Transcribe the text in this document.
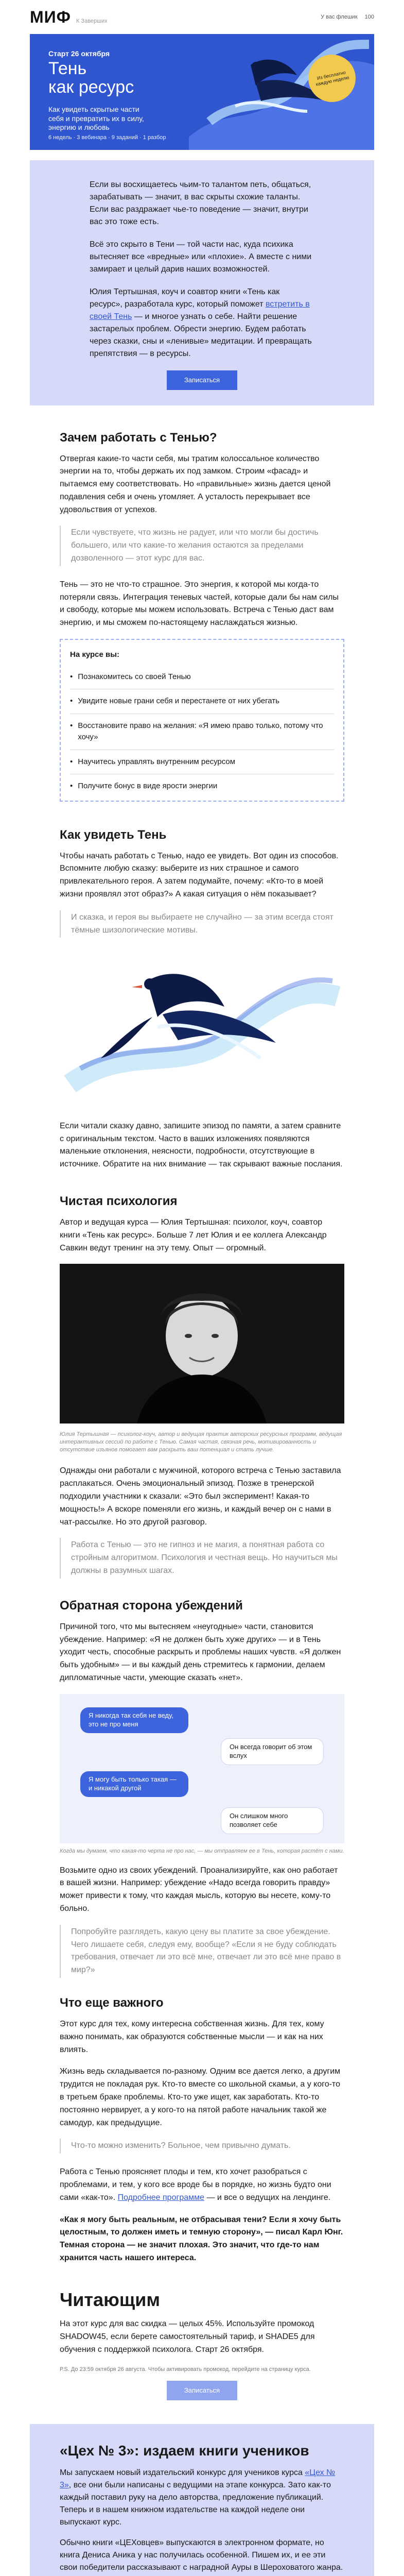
МИФ К Заверших
У вас флешик 100
Старт 26 октября
Тень
как ресурс
Как увидеть скрытые части себя и превратить их в силу, энергию и любовь
6 недель · 3 вебинара · 9 заданий · 1 разбор
Из бесплатно каждую неделю

Если вы восхищаетесь чьим-то талантом петь, общаться, зарабатывать — значит, в вас скрыты схожие таланты. Если вас раздражает чье-то поведение — значит, внутри вас это тоже есть.

Всё это скрыто в Тени — той части нас, куда психика вытесняет все «вредные» или «плохие». А вместе с ними замирает и целый дарив наших возможностей.

Юлия Тертышная, коуч и соавтор книги «Тень как ресурс», разработала курс, который поможет встретить в своей Тень — и многое узнать о себе. Найти решение застарелых проблем. Обрести энергию. Будем работать через сказки, сны и «ленивые» медитации. И превращать препятствия — в ресурсы.

Записаться
Зачем работать с Тенью?

Отвергая какие-то части себя, мы тратим колоссальное количество энергии на то, чтобы держать их под замком. Строим «фасад» и пытаемся ему соответствовать. Но «правильные» жизнь дается ценой подавления себя и очень утомляет. А усталость перекрывает все удовольствия от успехов.

Если чувствуете, что жизнь не радует, или что могли бы достичь большего, или что какие-то желания остаются за пределами дозволенного — этот курс для вас.

Тень — это не что-то страшное. Это энергия, к которой мы когда-то потеряли связь. Интеграция теневых частей, которые дали бы нам силы и свободу, которые мы можем использовать. Встреча с Тенью даст вам энергию, и мы сможем по-настоящему наслаждаться жизнью.

На курсе вы:
• Познакомитесь со своей Тенью
• Увидите новые грани себя и перестанете от них убегать
• Восстановите право на желания: «Я имею право только, потому что хочу»
• Научитесь управлять внутренним ресурсом
• Получите бонус в виде ярости энергии
Как увидеть Тень

Чтобы начать работать с Тенью, надо ее увидеть. Вот один из способов. Вспомните любую сказку: выберите из них страшное и самого привлекательного героя. А затем подумайте, почему: «Кто-то в моей жизни проявлял этот образ?» А какая ситуация о нём показывает?

И сказка, и героя вы выбираете не случайно — за этим всегда стоят тёмные шизологические мотивы.

Если читали сказку давно, запишите эпизод по памяти, а затем сравните с оригинальным текстом. Часто в ваших изложениях появляются маленькие отклонения, неясности, подробности, отсутствующие в источнике. Обратите на них внимание — так скрывают важные послания.

Чистая психология

Автор и ведущая курса — Юлия Тертышная: психолог, коуч, соавтор книги «Тень как ресурс». Больше 7 лет Юлия и ее коллега Александр Савкин ведут тренинг на эту тему. Опыт — огромный.

Юлия Тертышная — психолог-коуч, автор и ведущая практик авторских ресурсных программ, ведущая интерактивных сессий по работе с Тенью. Самая частая, связная речь, мотивированность и отсутствие изъянов помогает вам раскрыть ваш потенциал и стать лучше.

Однажды они работали с мужчиной, которого встреча с Тенью заставила расплакаться. Очень эмоциональный эпизод. Позже в тренерской подходили участники к сказали: «Это был эксперимент! Какая-то мощность!» А вскоре поменяли его жизнь, и каждый вечер он с нами в чат-рассылке. Но это другой разговор.

Работа с Тенью — это не гипноз и не магия, а понятная работа со стройным алгоритмом. Психология и честная вещь. Но научиться мы должны в разумных шагах.
Обратная сторона убеждений

Причиной того, что мы вытесняем «неугодные» части, становится убеждение. Например: «Я не должен быть хуже других» — и в Тень уходит честь, способные раскрыть и проблемы наших чувств. «Я должен быть удобным» — и вы каждый день стремитесь к гармонии, делаем дипломатичные части, умеющие сказать «нет».

Я никогда так себя не веду, это не про меня
Он всегда говорит об этом вслух
Я могу быть только такая — и никакой другой
Он слишком много позволяет себе
Когда мы думаем, что какая-то черта не про нас, — мы отправляем ее в Тень, которая растёт с нами.

Возьмите одно из своих убеждений. Проанализируйте, как оно работает в вашей жизни. Например: убеждение «Надо всегда говорить правду» может привести к тому, что каждая мысль, которую вы несете, кому-то больно.

Попробуйте разглядеть, какую цену вы платите за свое убеждение. Чего лишаете себя, следуя ему, вообще? «Если я не буду соблюдать требования, отвечает ли это всё мне, отвечает ли это всё мне право в мир?»
Что еще важного

Этот курс для тех, кому интересна собственная жизнь. Для тех, кому важно понимать, как образуются собственные мысли — и как на них влиять.

Жизнь ведь складывается по-разному. Одним все дается легко, а другим трудится не покладая рук. Кто-то вместе со школьной скамьи, а у кого-то в третьем браке проблемы. Кто-то уже ищет, как заработать. Кто-то постоянно нервирует, а у кого-то на пятой работе начальник такой же самодур, как предыдущие.

Что-то можно изменить? Больное, чем привычно думать.

Работа с Тенью проясняет плоды и тем, кто хочет разобраться с проблемами, и тем, у кого все вроде бы в порядке, но жизнь будто они сами «как-то». Подробнее программе — и все о ведущих на лендинге.

«Как я могу быть реальным, не отбрасывая тени? Если я хочу быть целостным, то должен иметь и темную сторону», — писал Карл Юнг. Темная сторона — не значит плохая. Это значит, что где-то нам хранится часть нашего интереса.

Читающим

На этот курс для вас скидка — целых 45%. Используйте промокод SHADOW45, если берете самостоятельный тариф, и SHADE5 для обучения с поддержкой психолога. Старт 26 октября.

Р.S. До 23:59 октября 26 августа. Чтобы активировать промокод, перейдите на страницу курса.
Записаться
«Цех № 3»: издаем книги учеников

Мы запускаем новый издательский конкурс для учеников курса «Цех № 3», все они были написаны с ведущими на этапе конкурса. Зато как-то каждый поставил руку на дело авторства, предложение публикаций. Теперь и в нашем книжном издательстве на каждой неделе они выпускают курс.

Обычно книги «ЦЕХовцев» выпускаются в электронном формате, но книга Дениса Аника у нас получилась особенной. Пишем их, и ее эти свои победители рассказывают с наградной Ауры в Шероховатого жанра.
